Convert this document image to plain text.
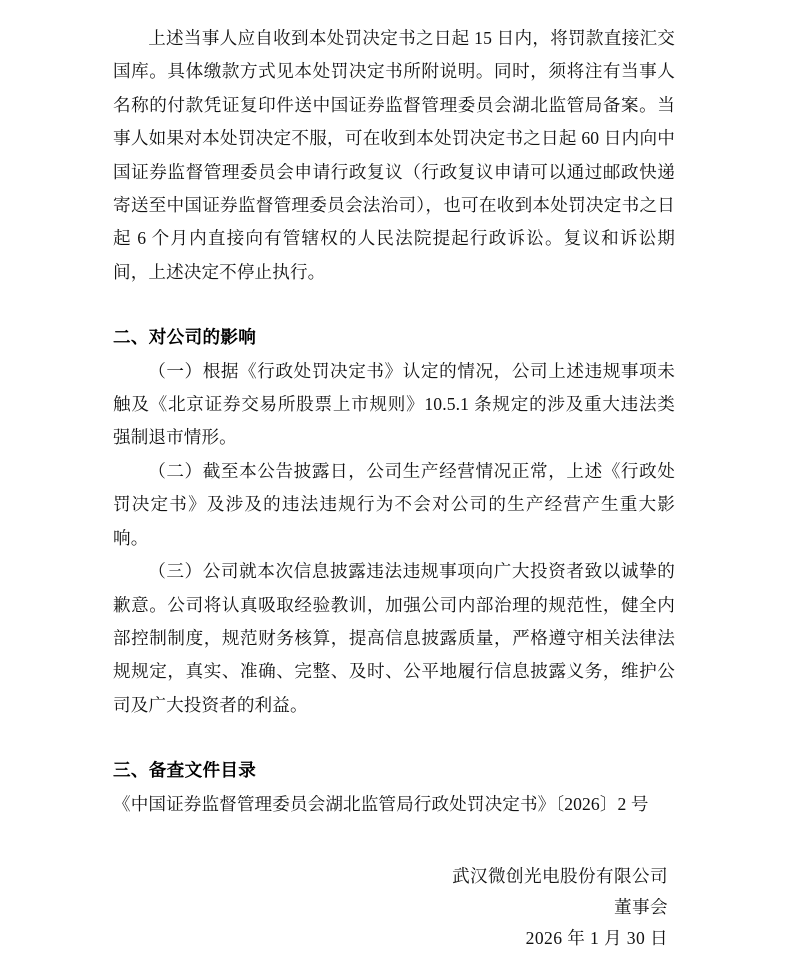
上述当事人应自收到本处罚决定书之日起 15 日内，将罚款直接汇交国库。具体缴款方式见本处罚决定书所附说明。同时，须将注有当事人名称的付款凭证复印件送中国证券监督管理委员会湖北监管局备案。当事人如果对本处罚决定不服，可在收到本处罚决定书之日起 60 日内向中国证券监督管理委员会申请行政复议（行政复议申请可以通过邮政快递寄送至中国证券监督管理委员会法治司），也可在收到本处罚决定书之日起 6 个月内直接向有管辖权的人民法院提起行政诉讼。复议和诉讼期间，上述决定不停止执行。

二、对公司的影响

（一）根据《行政处罚决定书》认定的情况，公司上述违规事项未触及《北京证券交易所股票上市规则》10.5.1 条规定的涉及重大违法类强制退市情形。

（二）截至本公告披露日，公司生产经营情况正常，上述《行政处罚决定书》及涉及的违法违规行为不会对公司的生产经营产生重大影响。

（三）公司就本次信息披露违法违规事项向广大投资者致以诚挚的歉意。公司将认真吸取经验教训，加强公司内部治理的规范性，健全内部控制制度，规范财务核算，提高信息披露质量，严格遵守相关法律法规规定，真实、准确、完整、及时、公平地履行信息披露义务，维护公司及广大投资者的利益。

三、备查文件目录

《中国证券监督管理委员会湖北监管局行政处罚决定书》〔2026〕2 号

武汉微创光电股份有限公司
董事会
2026 年 1 月 30 日
